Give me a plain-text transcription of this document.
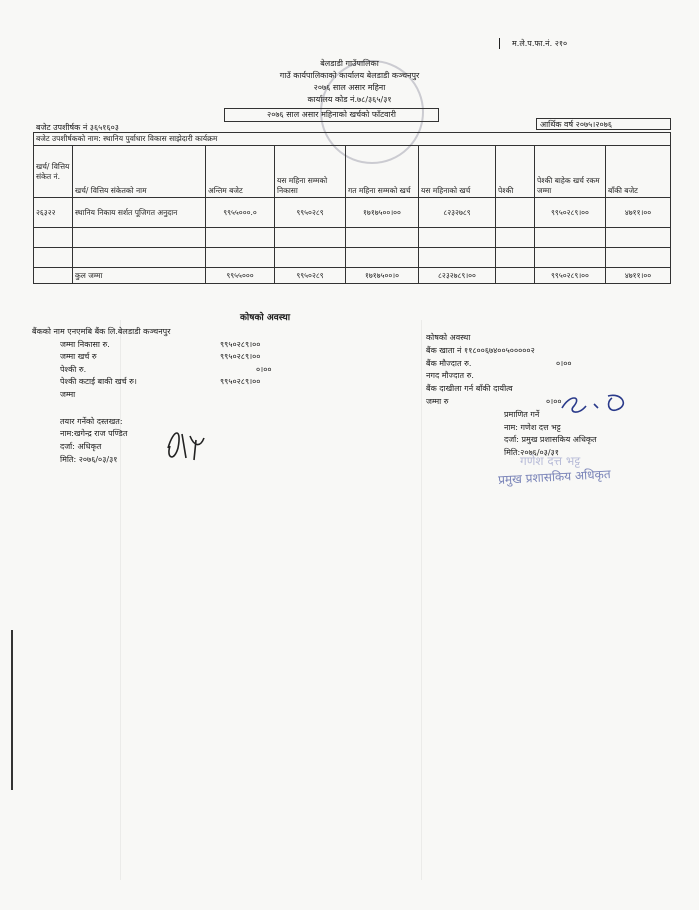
म.ले.प.फा.नं. २१०
बेलडाडी गाउँपालिका
गाउँ कार्यपालिकाको कार्यालय बेलडाडी कञ्चनपुर
२०७६ साल असार महिना
कार्यालय कोड नं.७८/३६५/३१
२०७६ साल असार महिनाको खर्चको फाँटवारी
आर्थिक वर्ष २०७५।२०७६
बजेट उपशीर्षक नं ३६५१६०३
बजेट उपशीर्षकको नाम: स्थानिय पुर्वाधार विकास साझेदारी कार्यक्रम								
खर्च/ वित्तिय संकेत नं.	खर्च/ वित्तिय संकेतको नाम	अन्तिम बजेट	यस महिना सम्मको निकासा	गत महिना सम्मको खर्च	यस महिनाको खर्च	पेश्की	पेश्की बाहेक खर्च रकम जम्मा	बाँकी बजेट
२६३२२	स्थानिय निकाय सर्शत पूजिगत अनुदान	९९५५०००.०	९९५०२८९	१७१७५००।००	८२३२७८९		९९५०२८९।००	४७११।००

	कुल जम्मा	९९५५०००	९९५०२८९	१७१७५००।०	८२३२७८९।००		९९५०२८९।००	४७११।००
कोषको अवस्था
बैंकको नाम एनएमबि बैंक लि.बेलडाडी कञ्चनपुर
जम्मा निकासा रु.	९९५०२८९।००
जम्मा खर्च रु	९९५०२८९।००
पेश्की रु.	०।००
पेश्की कटाई बाकी खर्च रु।	९९५०२८९।००
जम्मा
तयार गर्नेको दस्तखत:
नाम:खगेन्द्र राज पण्डित
दर्जा: अधिकृत
मिति: २०७६/०३/३१
कोषको अवस्था
बैंक खाता नं ११८००६७४००५०००००२
बैंक मौज्दात रु.	०।००
नगद मौज्दात रु.
बैंक दाखीला गर्न बाँकी दायीत्व
जम्मा रु	०।००
प्रमाणित गर्ने
नाम: गणेश दत्त भट्ट
दर्जा: प्रमुख प्रशासकिय अधिकृत
मिति:२०७६/०३/३१
गणेश दत्त भट्ट
प्रमुख प्रशासकिय अधिकृत
